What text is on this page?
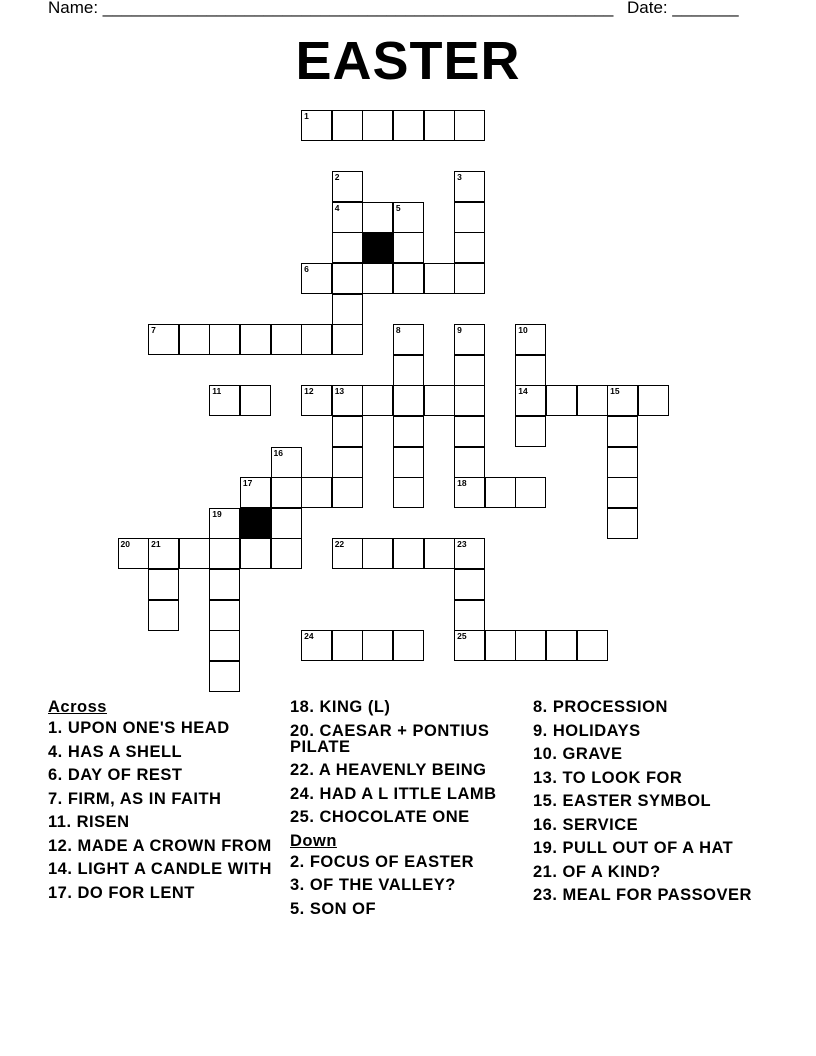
Name: ______________________________________________________ Date: _______
EASTER
1
2	3
4	5
6
7	8	9	10
11	12 13	14	15
16
17	18
19
20 21	22	23
24	25
Across
1. UPON ONE'S HEAD
4. HAS A SHELL
6. DAY OF REST
7. FIRM, AS IN FAITH
11. RISEN
12. MADE A CROWN FROM
14. LIGHT A CANDLE WITH
17. DO FOR LENT
18. KING (L)
20. CAESAR + PONTIUS PILATE
22. A HEAVENLY BEING
24. HAD A L ITTLE LAMB
25. CHOCOLATE ONE
Down
2. FOCUS OF EASTER
3. OF THE VALLEY?
5. SON OF
8. PROCESSION
9. HOLIDAYS
10. GRAVE
13. TO LOOK FOR
15. EASTER SYMBOL
16. SERVICE
19. PULL OUT OF A HAT
21. OF A KIND?
23. MEAL FOR PASSOVER
